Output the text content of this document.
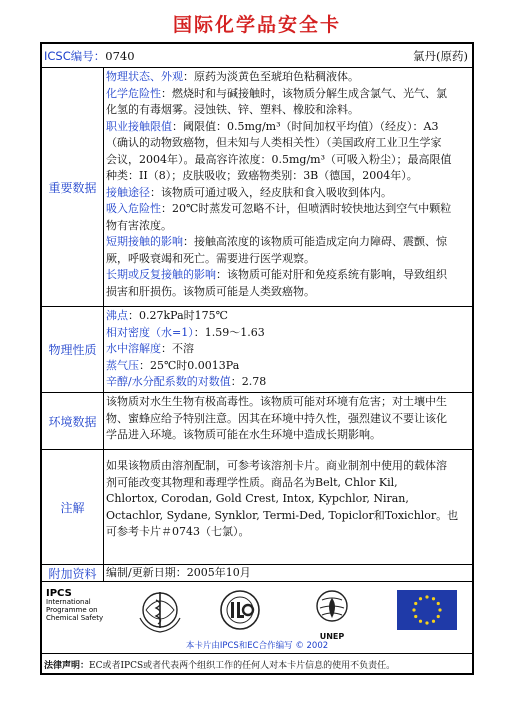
国际化学品安全卡
ICSC编号：0740	氯丹(原药)
重要数据
物理状态、外观：原药为淡黄色至琥珀色粘稠液体。
化学危险性：燃烧时和与碱接触时，该物质分解生成含氯气、光气、氯
化氢的有毒烟雾。浸蚀铁、锌、塑料、橡胶和涂料。
职业接触限值：阈限值：0.5mg/m³（时间加权平均值）（经皮）：A3
（确认的动物致癌物，但未知与人类相关性）（美国政府工业卫生学家
会议，2004年）。最高容许浓度：0.5mg/m³（可吸入粉尘）；最高限值
种类：II（8）；皮肤吸收；致癌物类别：3B（德国，2004年）。
接触途径：该物质可通过吸入，经皮肤和食入吸收到体内。
吸入危险性：20℃时蒸发可忽略不计，但喷洒时较快地达到空气中颗粒
物有害浓度。
短期接触的影响：接触高浓度的该物质可能造成定向力障碍、震颤、惊
厥，呼吸衰竭和死亡。需要进行医学观察。
长期或反复接触的影响：该物质可能对肝和免疫系统有影响，导致组织
损害和肝损伤。该物质可能是人类致癌物。
物理性质
沸点：0.27kPa时175℃
相对密度（水=1）：1.59～1.63
水中溶解度：不溶
蒸气压：25℃时0.0013Pa
辛醇/水分配系数的对数值：2.78
环境数据
该物质对水生生物有极高毒性。该物质可能对环境有危害；对土壤中生
物、蜜蜂应给予特别注意。因其在环境中持久性，强烈建议不要让该化
学品进入环境。该物质可能在水生环境中造成长期影响。
注解
如果该物质由溶剂配制，可参考该溶剂卡片。商业制剂中使用的载体溶
剂可能改变其物理和毒理学性质。商品名为Belt, Chlor Kil,
Chlortox, Corodan, Gold Crest, Intox, Kypchlor, Niran,
Octachlor, Sydane, Synklor, Termi-Ded, Topiclor和Toxichlor。也
可参考卡片＃0743（七氯）。
附加资料 编制/更新日期：2005年10月
IPCS
International
Programme on
Chemical Safety
UNEP
本卡片由IPCS和EC合作编写 © 2002
法律声明：EC或者IPCS或者代表两个组织工作的任何人对本卡片信息的使用不负责任。
